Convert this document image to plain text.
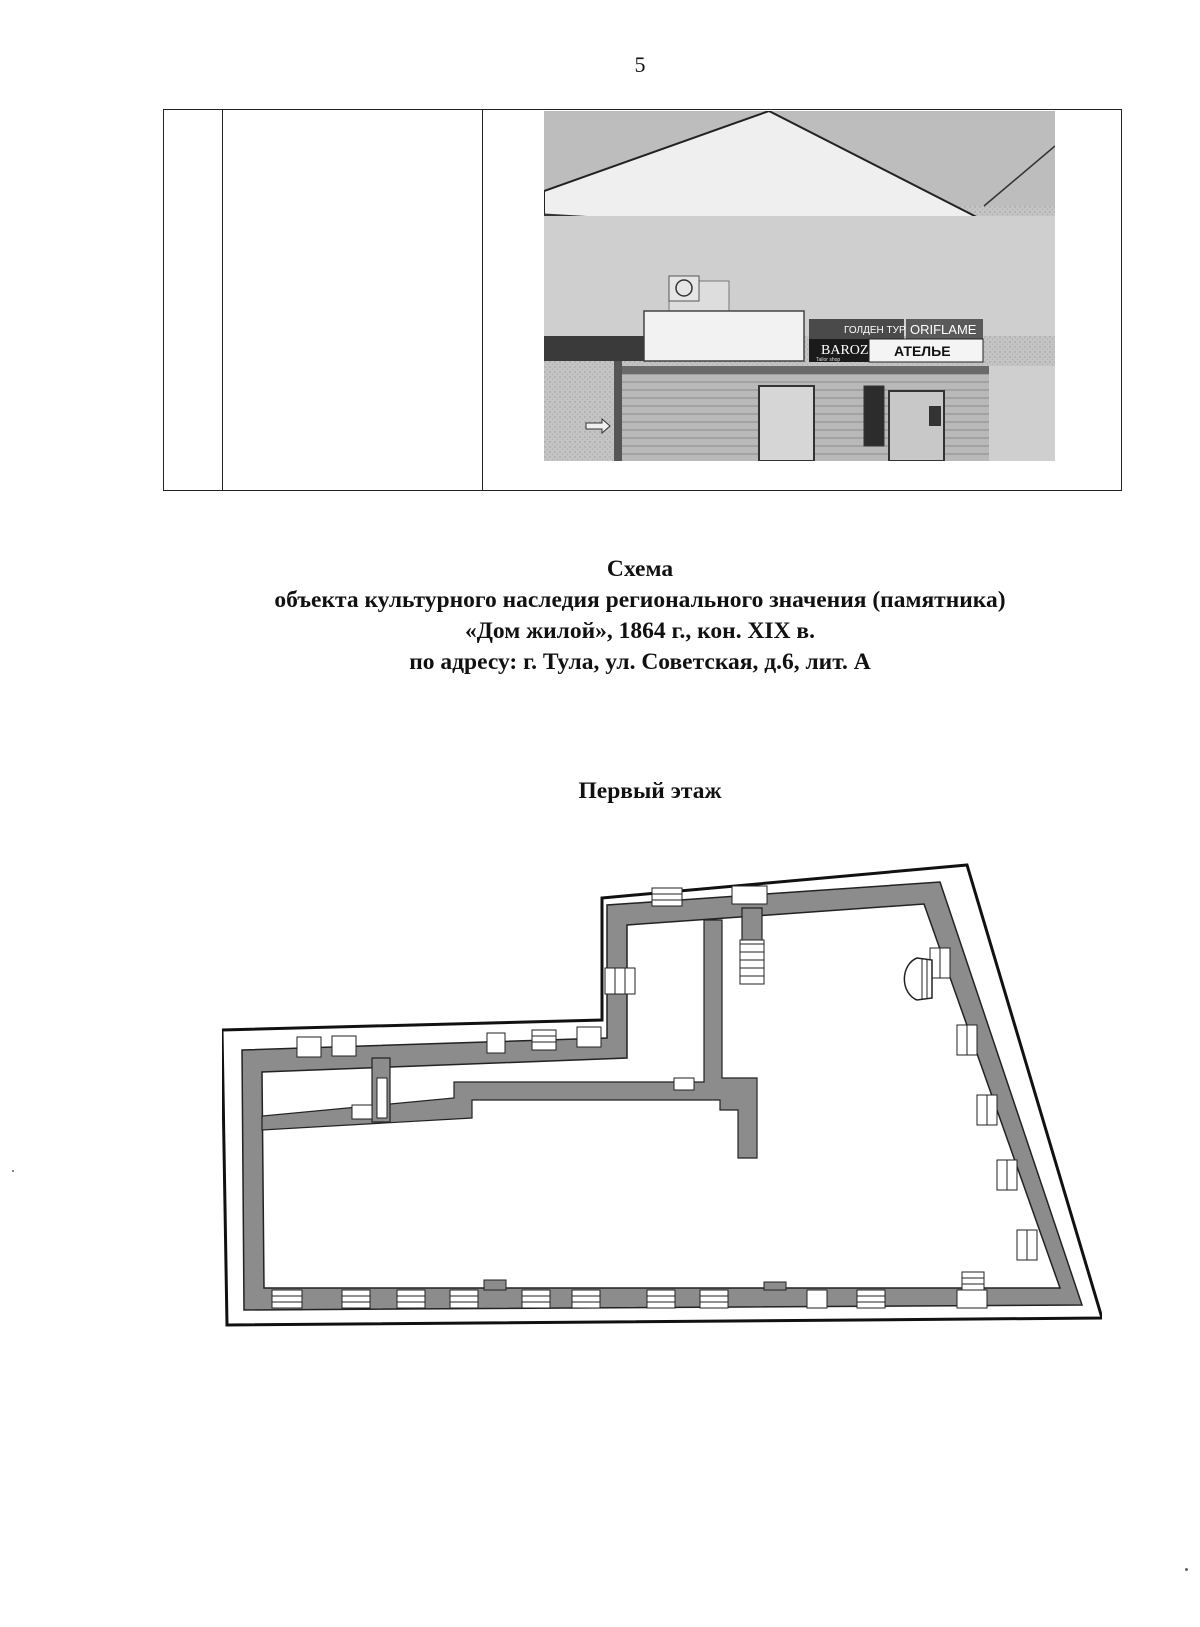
5
ГОЛДЕН ТУР ORIFLAME
BAROZ
Tailor shop
АТЕЛЬЕ
Схема
объекта культурного наследия регионального значения (памятника)
«Дом жилой», 1864 г., кон. XIX в.
по адресу: г. Тула, ул. Советская, д.6, лит. А
Первый этаж
